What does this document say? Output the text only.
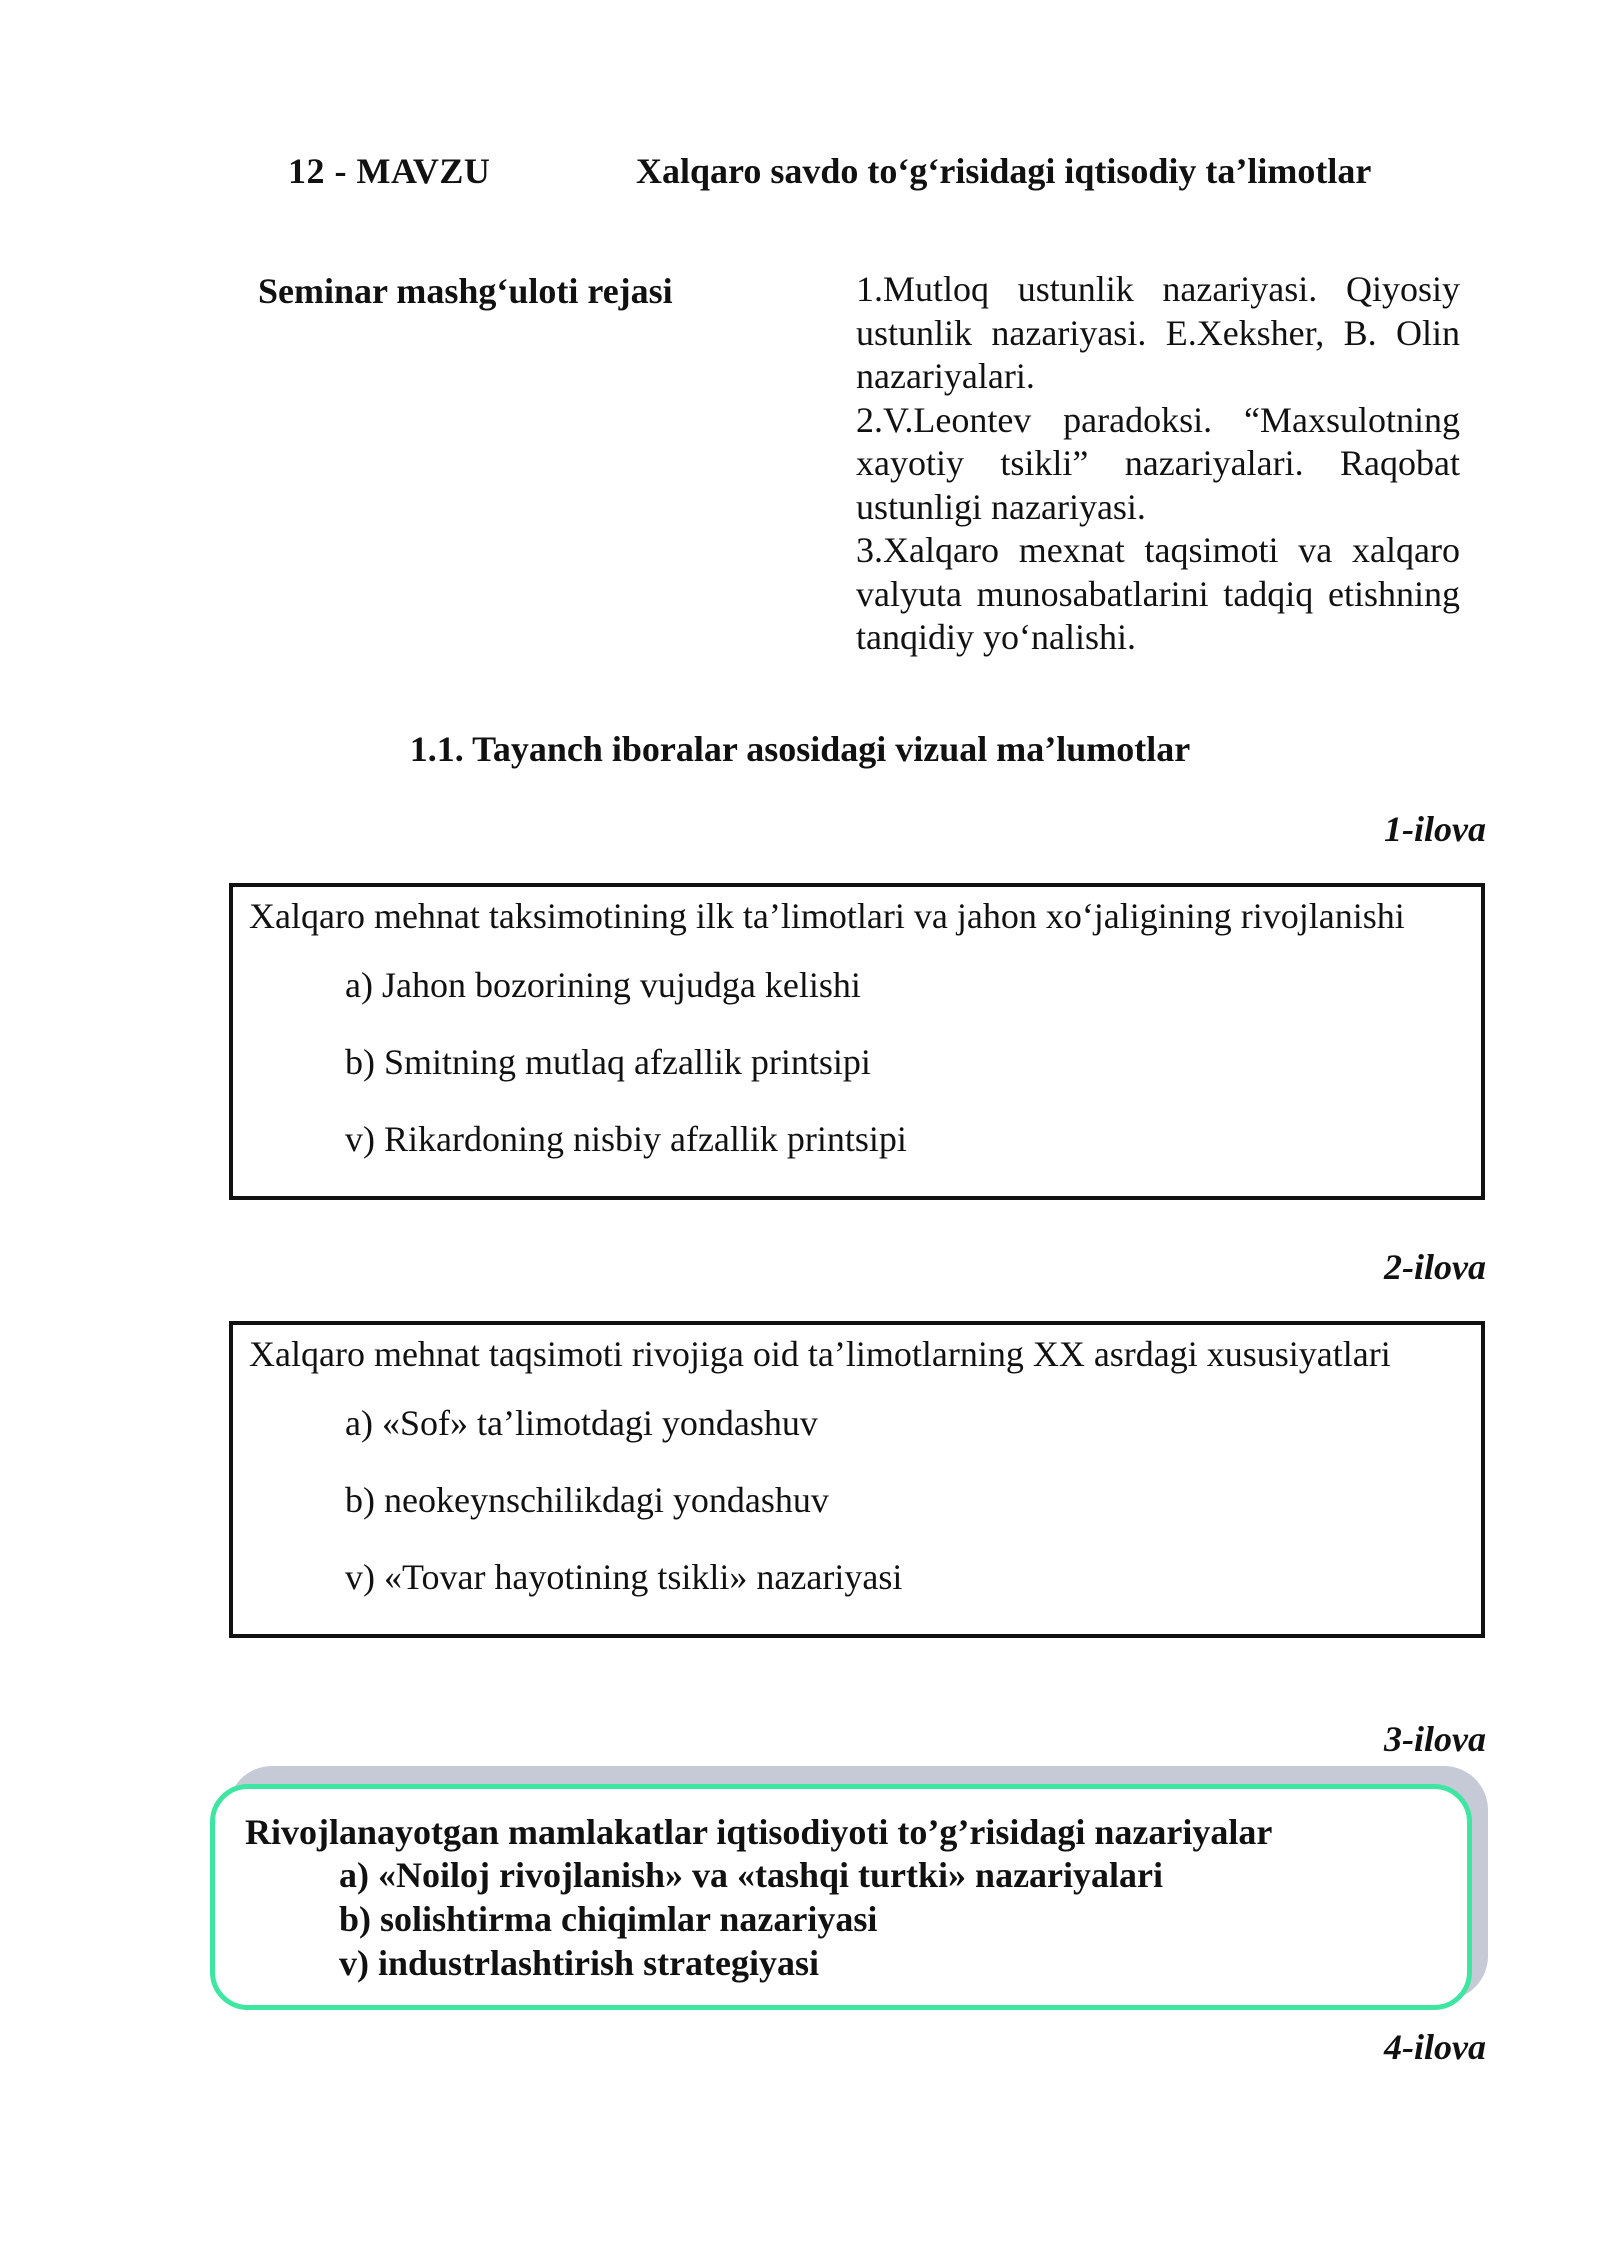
12 - MAVZU	Xalqaro savdo to‘g‘risidagi iqtisodiy ta’limotlar
Seminar mashg‘uloti rejasi	1.Mutloq ustunlik nazariyasi. Qiyosiy ustunlik nazariyasi. E.Xeksher, B. Olin nazariyalari.
2.V.Leontev paradoksi. “Maxsulotning xayotiy tsikli” nazariyalari. Raqobat ustunligi nazariyasi.
3.Xalqaro mexnat taqsimoti va xalqaro valyuta munosabatlarini tadqiq etishning tanqidiy yo‘nalishi.
1.1. Tayanch iboralar asosidagi vizual ma’lumotlar
1-ilova
Xalqaro mehnat taksimotining ilk ta’limotlari va jahon xo‘jaligining rivojlanishi
a) Jahon bozorining vujudga kelishi
b) Smitning mutlaq afzallik printsipi
v) Rikardoning nisbiy afzallik printsipi
2-ilova
Xalqaro mehnat taqsimoti rivojiga oid ta’limotlarning XX asrdagi xususiyatlari
a) «Sof» ta’limotdagi yondashuv
b) neokeynschilikdagi yondashuv
v) «Tovar hayotining tsikli» nazariyasi
3-ilova
Rivojlanayotgan mamlakatlar iqtisodiyoti to’g’risidagi nazariyalar
a) «Noiloj rivojlanish» va «tashqi turtki» nazariyalari
b) solishtirma chiqimlar nazariyasi
v) industrlashtirish strategiyasi
4-ilova
